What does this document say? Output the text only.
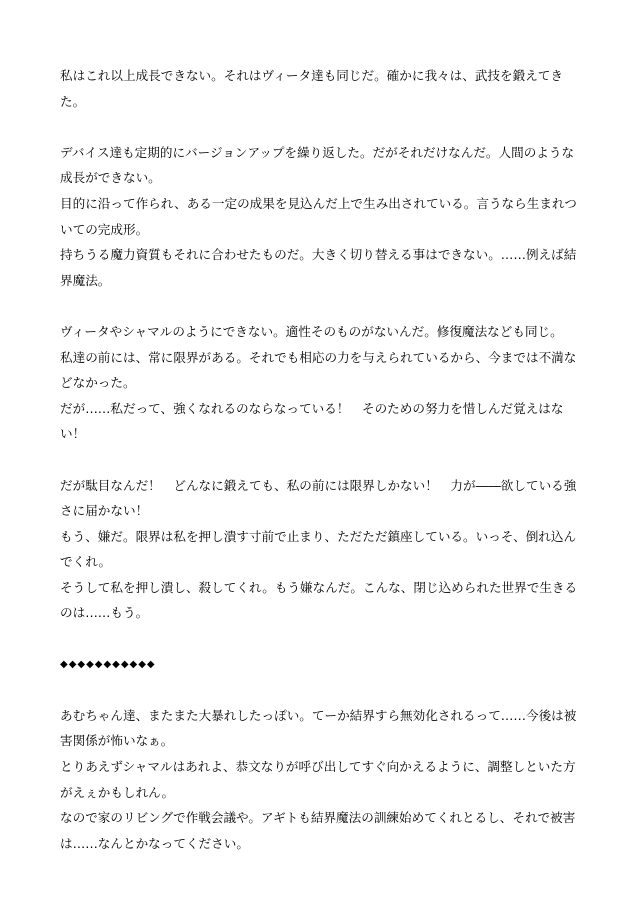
私はこれ以上成長できない。それはヴィータ達も同じだ。確かに我々は、武技を鍛えてきた。

デバイス達も定期的にバージョンアップを繰り返した。だがそれだけなんだ。人間のような成長ができない。

目的に沿って作られ、ある一定の成果を見込んだ上で生み出されている。言うなら生まれついての完成形。

持ちうる魔力資質もそれに合わせたものだ。大きく切り替える事はできない。……例えば結界魔法。

ヴィータやシャマルのようにできない。適性そのものがないんだ。修復魔法なども同じ。

私達の前には、常に限界がある。それでも相応の力を与えられているから、今までは不満などなかった。

だが……私だって、強くなれるのならなっている！　そのための努力を惜しんだ覚えはない！

だが駄目なんだ！　どんなに鍛えても、私の前には限界しかない！　力が――欲している強さに届かない！

もう、嫌だ。限界は私を押し潰す寸前で止まり、ただただ鎮座している。いっそ、倒れ込んでくれ。

そうして私を押し潰し、殺してくれ。もう嫌なんだ。こんな、閉じ込められた世界で生きるのは……もう。

◆◆◆◆◆◆◆◆◆◆◆

あむちゃん達、またまた大暴れしたっぽい。てーか結界すら無効化されるって……今後は被害関係が怖いなぁ。

とりあえずシャマルはあれよ、恭文なりが呼び出してすぐ向かえるように、調整しといた方がえぇかもしれん。

なので家のリビングで作戦会議や。アギトも結界魔法の訓練始めてくれとるし、それで被害は……なんとかなってください。
